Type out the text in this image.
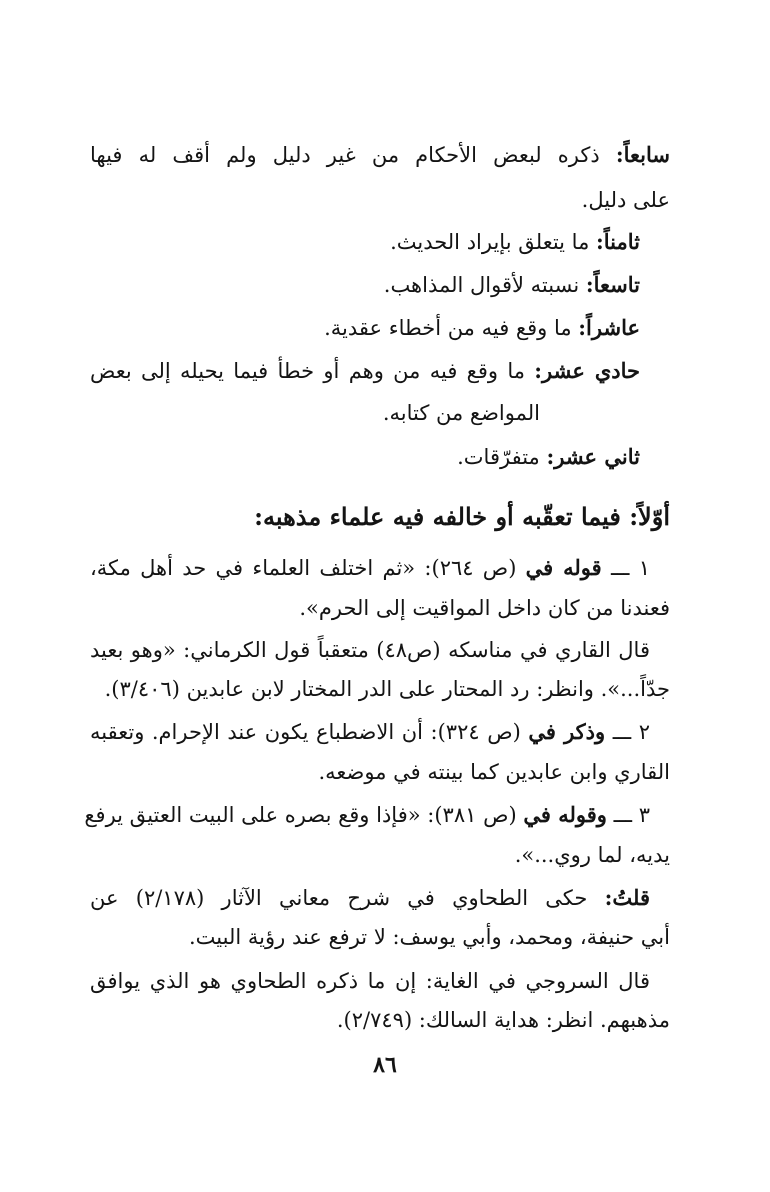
سابعاً: ذكره لبعض الأحكام من غير دليل ولم أقف له فيها
على دليل.
ثامناً: ما يتعلق بإيراد الحديث.
تاسعاً: نسبته لأقوال المذاهب.
عاشراً: ما وقع فيه من أخطاء عقدية.
حادي عشر: ما وقع فيه من وهم أو خطأ فيما يحيله إلى بعض
المواضع من كتابه.
ثاني عشر: متفرّقات.
أوّلاً: فيما تعقّبه أو خالفه فيه علماء مذهبه:
١ ـــ قوله في (ص ٢٦٤): «ثم اختلف العلماء في حد أهل مكة،
فعندنا من كان داخل المواقيت إلى الحرم».
قال القاري في مناسكه (ص٤٨) متعقباً قول الكرماني: «وهو بعيد
جدّاً...». وانظر: رد المحتار على الدر المختار لابن عابدين (٣/٤٠٦).
٢ ـــ وذكر في (ص ٣٢٤): أن الاضطباع يكون عند الإحرام. وتعقبه
القاري وابن عابدين كما بينته في موضعه.
٣ ـــ وقوله في (ص ٣٨١): «فإذا وقع بصره على البيت العتيق يرفع
يديه، لما روي...».
قلتُ: حكى الطحاوي في شرح معاني الآثار (٢/١٧٨) عن
أبي حنيفة، ومحمد، وأبي يوسف: لا ترفع عند رؤية البيت.
قال السروجي في الغاية: إن ما ذكره الطحاوي هو الذي يوافق
مذهبهم. انظر: هداية السالك: (٢/٧٤٩).
٨٦
